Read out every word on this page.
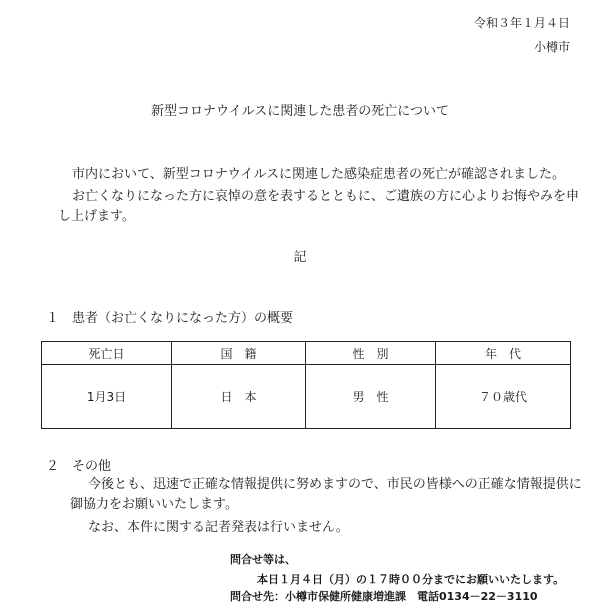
令和３年１月４日
小樽市
新型コロナウイルスに関連した患者の死亡について
市内において、新型コロナウイルスに関連した感染症患者の死亡が確認されました。
お亡くなりになった方に哀悼の意を表するとともに、ご遺族の方に心よりお悔やみを申
し上げます。
記
１　患者（お亡くなりになった方）の概要
死亡日	国　籍	性　別	年　代
1月3日	日　本	男　性	７０歳代
２　その他
今後とも、迅速で正確な情報提供に努めますので、市民の皆様への正確な情報提供に
御協力をお願いいたします。
なお、本件に関する記者発表は行いません。
問合せ等は、
本日１月４日（月）の１７時００分までにお願いいたします。
問合せ先：小樽市保健所健康増進課　電話0134－22－3110
